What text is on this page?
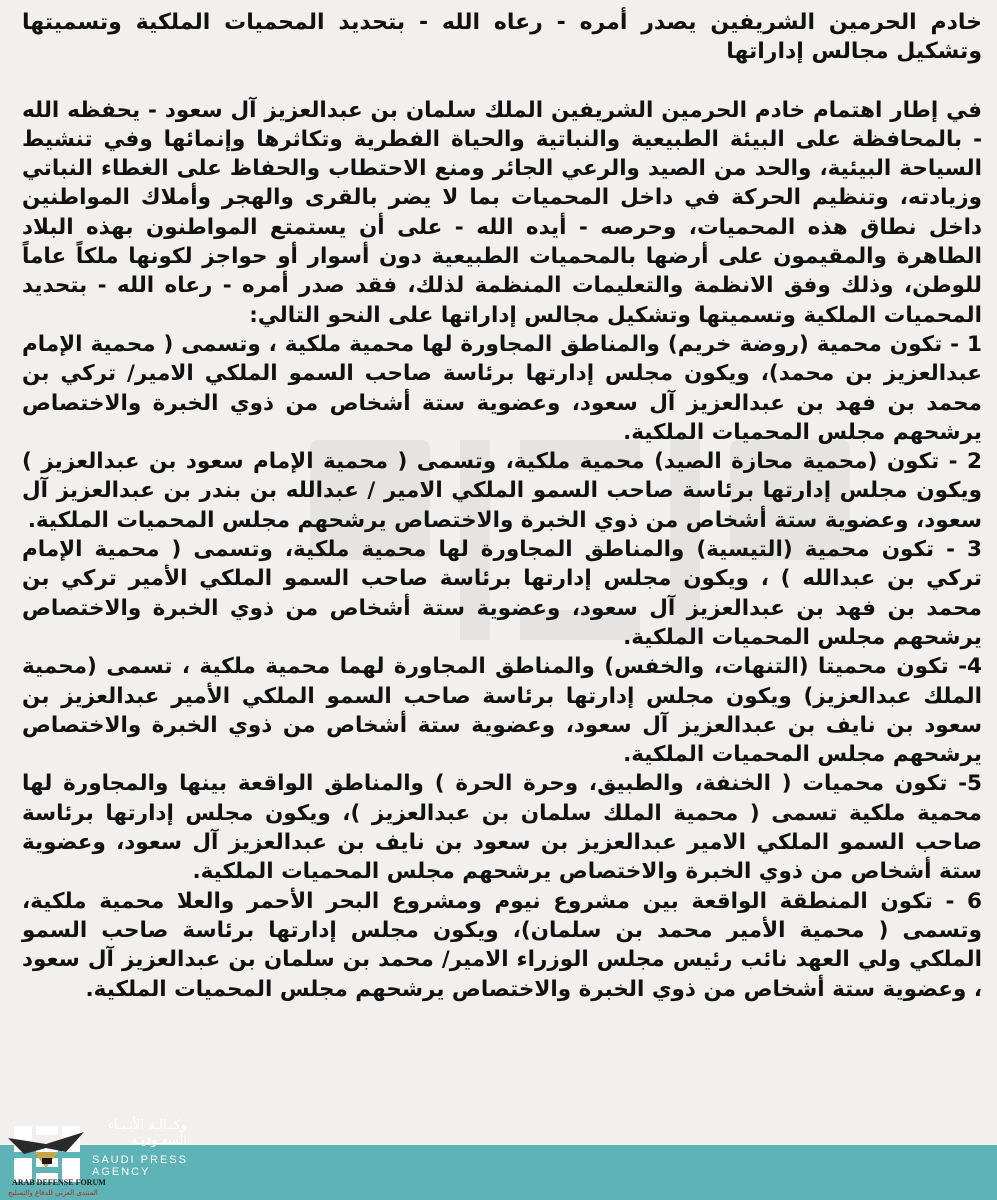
خادم الحرمين الشريفين يصدر أمره - رعاه الله - بتحديد المحميات الملكية وتسميتها وتشكيل مجالس إداراتها

في إطار اهتمام خادم الحرمين الشريفين الملك سلمان بن عبدالعزيز آل سعود - يحفظه الله - بالمحافظة على البيئة الطبيعية والنباتية والحياة الفطرية وتكاثرها وإنمائها وفي تنشيط السياحة البيئية، والحد من الصيد والرعي الجائر ومنع الاحتطاب والحفاظ على الغطاء النباتي وزيادته، وتنظيم الحركة في داخل المحميات بما لا يضر بالقرى والهجر وأملاك المواطنين داخل نطاق هذه المحميات، وحرصه - أيده الله - على أن يستمتع المواطنون بهذه البلاد الطاهرة والمقيمون على أرضها بالمحميات الطبيعية دون أسوار أو حواجز لكونها ملكاً عاماً للوطن، وذلك وفق الانظمة والتعليمات المنظمة لذلك، فقد صدر أمره - رعاه الله - بتحديد المحميات الملكية وتسميتها وتشكيل مجالس إداراتها على النحو التالي:

1 - تكون محمية (روضة خريم) والمناطق المجاورة لها محمية ملكية ، وتسمى ( محمية الإمام عبدالعزيز بن محمد)، ويكون مجلس إدارتها برئاسة صاحب السمو الملكي الامير/ تركي بن محمد بن فهد بن عبدالعزيز آل سعود، وعضوية ستة أشخاص من ذوي الخبرة والاختصاص يرشحهم مجلس المحميات الملكية.

2 - تكون (محمية محازة الصيد) محمية ملكية، وتسمى ( محمية الإمام سعود بن عبدالعزيز ) ويكون مجلس إدارتها برئاسة صاحب السمو الملكي الامير / عبدالله بن بندر بن عبدالعزيز آل سعود، وعضوية ستة أشخاص من ذوي الخبرة والاختصاص يرشحهم مجلس المحميات الملكية.

3 - تكون محمية (التيسية) والمناطق المجاورة لها محمية ملكية، وتسمى ( محمية الإمام تركي بن عبدالله ) ، ويكون مجلس إدارتها برئاسة صاحب السمو الملكي الأمير تركي بن محمد بن فهد بن عبدالعزيز آل سعود، وعضوية ستة أشخاص من ذوي الخبرة والاختصاص يرشحهم مجلس المحميات الملكية.

4- تكون محميتا (التنهات، والخفس) والمناطق المجاورة لهما محمية ملكية ، تسمى (محمية الملك عبدالعزيز) ويكون مجلس إدارتها برئاسة صاحب السمو الملكي الأمير عبدالعزيز بن سعود بن نايف بن عبدالعزيز آل سعود، وعضوية ستة أشخاص من ذوي الخبرة والاختصاص يرشحهم مجلس المحميات الملكية.

5- تكون محميات ( الخنفة، والطبيق، وحرة الحرة ) والمناطق الواقعة بينها والمجاورة لها محمية ملكية تسمى ( محمية الملك سلمان بن عبدالعزيز )، ويكون مجلس إدارتها برئاسة صاحب السمو الملكي الامير عبدالعزيز بن سعود بن نايف بن عبدالعزيز آل سعود، وعضوية ستة أشخاص من ذوي الخبرة والاختصاص يرشحهم مجلس المحميات الملكية.

6 - تكون المنطقة الواقعة بين مشروع نيوم ومشروع البحر الأحمر والعلا محمية ملكية، وتسمى ( محمية الأمير محمد بن سلمان)، ويكون مجلس إدارتها برئاسة صاحب السمو الملكي ولي العهد نائب رئيس مجلس الوزراء الامير/ محمد بن سلمان بن عبدالعزيز آل سعود ، وعضوية ستة أشخاص من ذوي الخبرة والاختصاص يرشحهم مجلس المحميات الملكية.

وكــالـة الأنـبـاء السعـوديـة
SAUDI PRESS AGENCY
ARAB DEFENSE FORUM
المنتدى العربي للدفاع والتسليح
